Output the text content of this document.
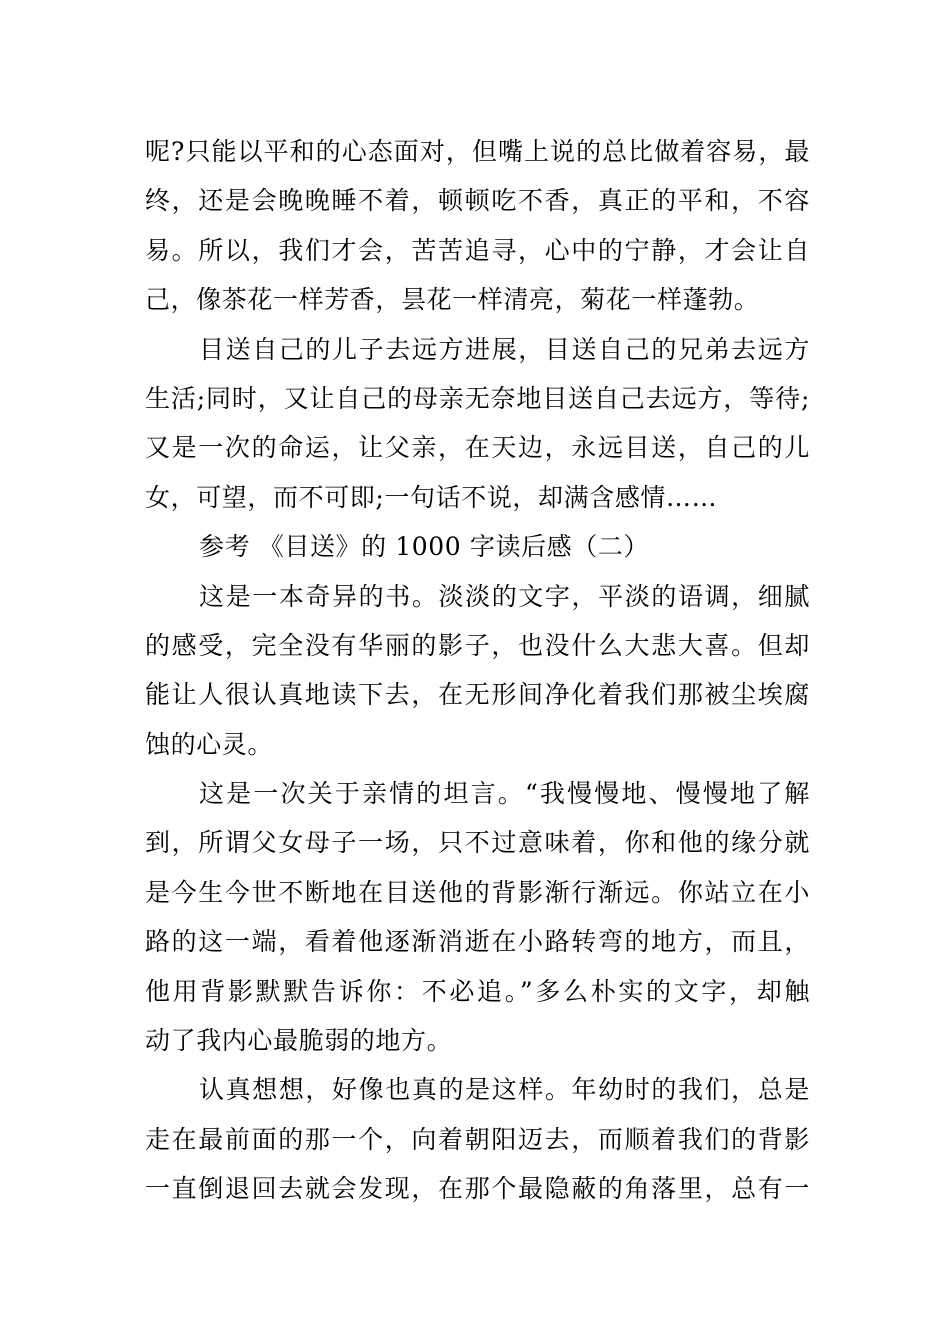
呢?只能以平和的心态面对，但嘴上说的总比做着容易，最
终，还是会晚晚睡不着，顿顿吃不香，真正的平和，不容
易。所以，我们才会，苦苦追寻，心中的宁静，才会让自
己，像茶花一样芳香，昙花一样清亮，菊花一样蓬勃。
目送自己的儿子去远方进展，目送自己的兄弟去远方
生活;同时，又让自己的母亲无奈地目送自己去远方，等待;
又是一次的命运，让父亲，在天边，永远目送，自己的儿
女，可望，而不可即;一句话不说，却满含感情……
参考 《目送》的 1000 字读后感（二）
这是一本奇异的书。淡淡的文字，平淡的语调，细腻
的感受，完全没有华丽的影子，也没什么大悲大喜。但却
能让人很认真地读下去，在无形间净化着我们那被尘埃腐
蚀的心灵。
这是一次关于亲情的坦言。“我慢慢地、慢慢地了解
到，所谓父女母子一场，只不过意味着，你和他的缘分就
是今生今世不断地在目送他的背影渐行渐远。你站立在小
路的这一端，看着他逐渐消逝在小路转弯的地方，而且，
他用背影默默告诉你：不必追。”多么朴实的文字，却触
动了我内心最脆弱的地方。
认真想想，好像也真的是这样。年幼时的我们，总是
走在最前面的那一个，向着朝阳迈去，而顺着我们的背影
一直倒退回去就会发现，在那个最隐蔽的角落里，总有一
